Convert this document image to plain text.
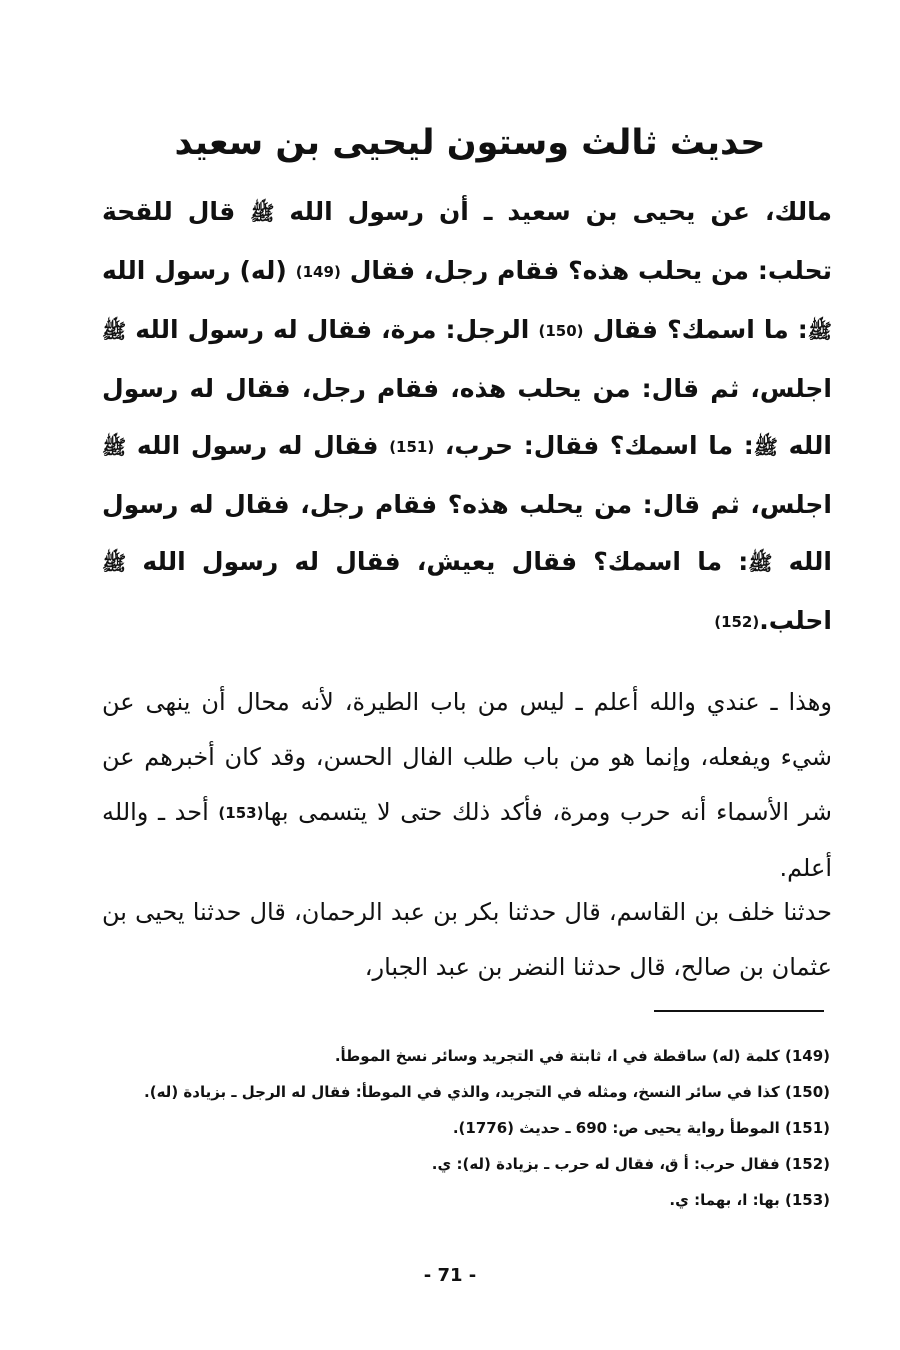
حديث ثالث وستون ليحيى بن سعيد

مالك، عن يحيى بن سعيد ـ أن رسول الله ﷺ قال للقحة تحلب: من يحلب هذه؟ فقام رجل، فقال (149) (له) رسول الله ﷺ: ما اسمك؟ فقال (150) الرجل: مرة، فقال له رسول الله ﷺ اجلس، ثم قال: من يحلب هذه، فقام رجل، فقال له رسول الله ﷺ: ما اسمك؟ فقال: حرب، (151) فقال له رسول الله ﷺ اجلس، ثم قال: من يحلب هذه؟ فقام رجل، فقال له رسول الله ﷺ: ما اسمك؟ فقال يعيش، فقال له رسول الله ﷺ احلب.(152)

وهذا ـ عندي والله أعلم ـ ليس من باب الطيرة، لأنه محال أن ينهى عن شيء ويفعله، وإنما هو من باب طلب الفال الحسن، وقد كان أخبرهم عن شر الأسماء أنه حرب ومرة، فأكد ذلك حتى لا يتسمى بها(153) أحد ـ والله أعلم.

حدثنا خلف بن القاسم، قال حدثنا بكر بن عبد الرحمان، قال حدثنا يحيى بن عثمان بن صالح، قال حدثنا النضر بن عبد الجبار،

(149) كلمة (له) ساقطة في ا، ثابتة في التجريد وسائر نسخ الموطأ.
(150) كذا في سائر النسخ، ومثله في التجريد، والذي في الموطأ: فقال له الرجل ـ بزيادة (له).
(151) الموطأ رواية يحيى ص: 690 ـ حديث (1776).
(152) فقال حرب: أ ق، فقال له حرب ـ بزيادة (له): ي.
(153) بها: ا، بهما: ي.

- 71 -
